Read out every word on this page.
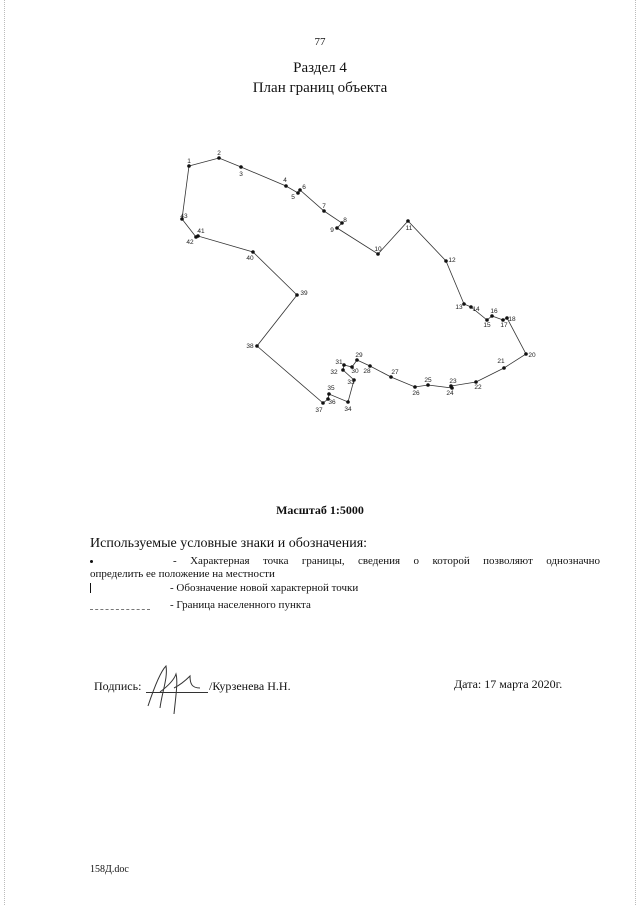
77
Раздел 4
План границ объекта
1
2
3
4
5
6
7
8
9
10
11
12
13 14
15
16
17
18
20
21
22
23
24
25
26
27
28
29
30
31
32
33
34
35
36
37
38
39
40
41
42
43
Масштаб 1:5000
Используемые условные знаки и обозначения:
- Характерная точка границы, сведения о которой позволяют однозначно
определить ее положение на местности
- Обозначение новой характерной точки
- Граница населенного пункта
Подпись:	/Курзенева Н.Н.	Дата: 17 марта 2020г.
158Д.doc
